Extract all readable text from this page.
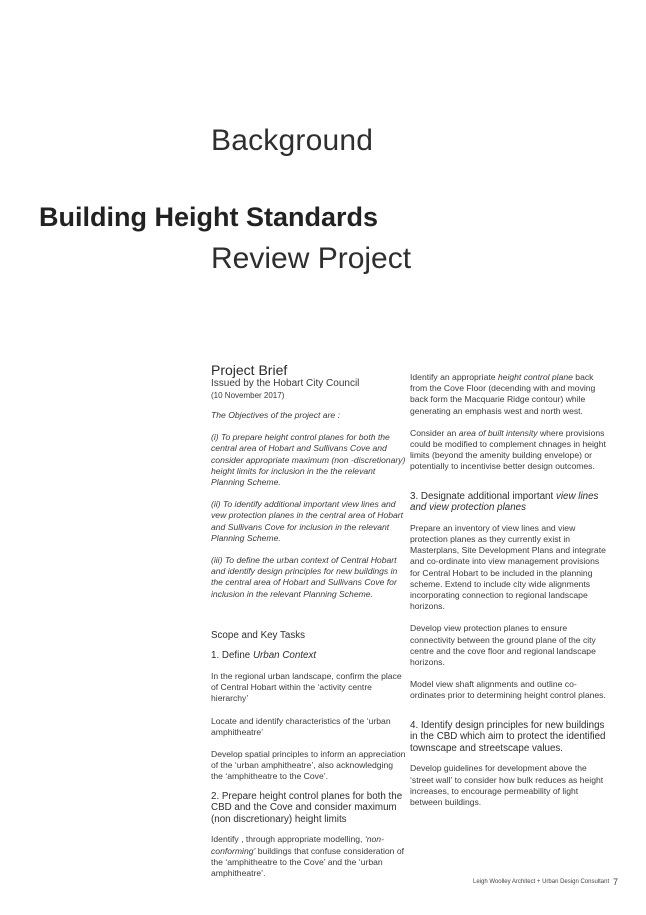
Background
Building Height Standards
Review Project
Project Brief
Issued by the Hobart City Council
(10 November 2017)
The Objectives of the project are :
(i) To prepare height control planes for both the central area of Hobart and Sullivans Cove and consider appropriate maximum (non -discretionary) height limits for inclusion in the the relevant Planning Scheme.
(ii) To identify additional important view lines and vew protection planes in the central area of Hobart and Sullivans Cove for inclusion in the relevant Planning Scheme.
(iii) To define the urban context of Central Hobart and identify design principles for new buildings in the central area of Hobart and Sullivans Cove for inclusion in the relevant Planning Scheme.
Scope and Key Tasks
1. Define Urban Context
In the regional urban landscape, confirm the place of Central Hobart within the ‘activity centre hierarchy’
Locate and identify characteristics of the ‘urban amphitheatre’
Develop spatial principles to inform an appreciation of the ‘urban amphitheatre’, also acknowledging the ‘amphitheatre to the Cove’.
2. Prepare height control planes for both the CBD and the Cove and consider maximum (non discretionary) height limits
Identify , through appropriate modelling, ‘non-conforming’ buildings that confuse consideration of the ‘amphitheatre to the Cove’ and the ‘urban amphitheatre’.
Identify an appropriate height control plane back from the Cove Floor (decending with and moving back form the Macquarie Ridge contour) while generating an emphasis west and north west.
Consider an area of built intensity where provisions could be modified to complement chnages in height limits (beyond the amenity building envelope) or potentially to incentivise better design outcomes.
3. Designate additional important view lines and view protection planes
Prepare an inventory of view lines and view protection planes as they currently exist in Masterplans, Site Development Plans and integrate and co-ordinate into view management provisions for Central Hobart to be included in the planning scheme. Extend to include city wide alignments incorporating connection to regional landscape horizons.
Develop view protection planes to ensure connectivity between the ground plane of the city centre and the cove floor and regional landscape horizons.
Model view shaft alignments and outline co-ordinates prior to determining height control planes.
4. Identify design principles for new buildings in the CBD which aim to protect the identified townscape and streetscape values.
Develop guidelines for development above the ‘street wall’ to consider how bulk reduces as height increases, to encourage permeability of light between buildings.
Leigh Woolley Architect + Urban Design Consultant 7
